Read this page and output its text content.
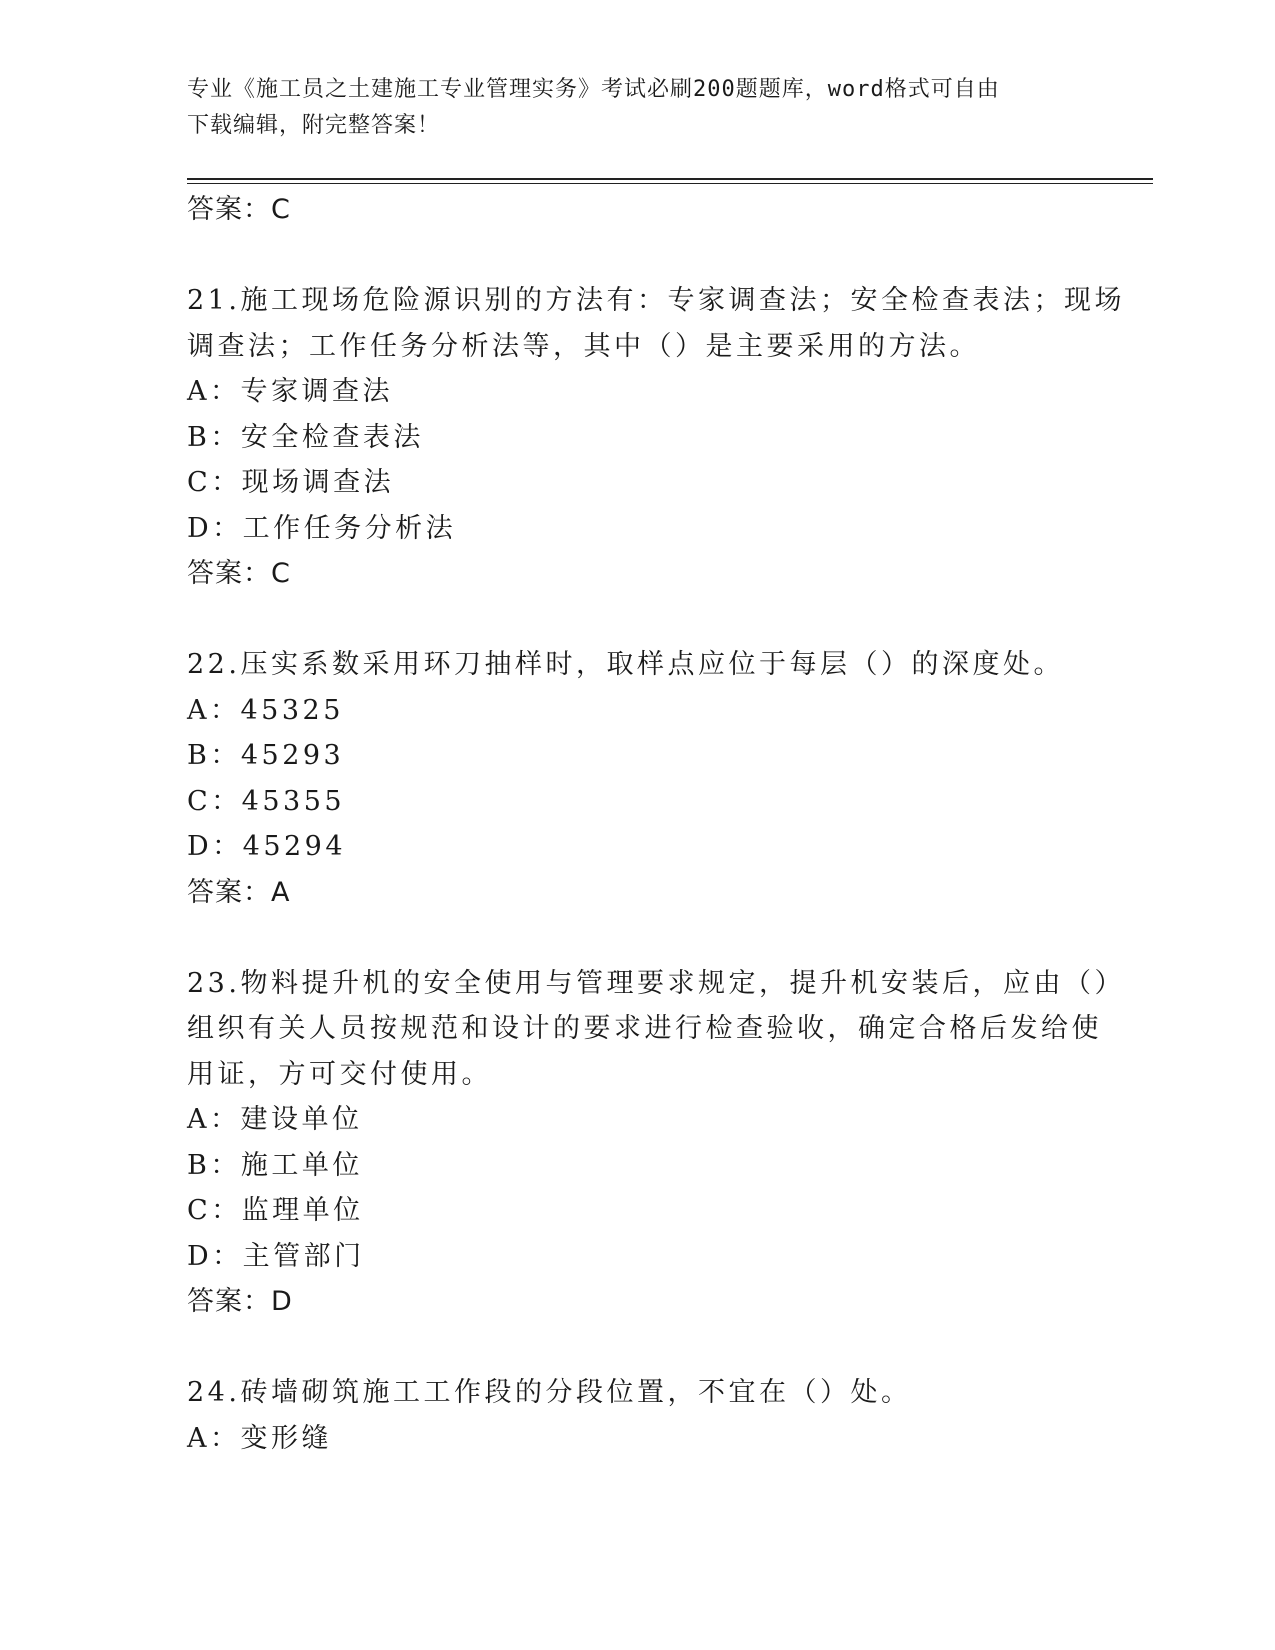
专业《施工员之土建施工专业管理实务》考试必刷200题题库，word格式可自由
下载编辑，附完整答案！
答案：C
21.施工现场危险源识别的方法有：专家调查法；安全检查表法；现场
调查法；工作任务分析法等，其中（）是主要采用的方法。
A：专家调查法
B：安全检查表法
C：现场调查法
D：工作任务分析法
答案：C
22.压实系数采用环刀抽样时，取样点应位于每层（）的深度处。
A：45325
B：45293
C：45355
D：45294
答案：A
23.物料提升机的安全使用与管理要求规定，提升机安装后，应由（）
组织有关人员按规范和设计的要求进行检查验收，确定合格后发给使
用证，方可交付使用。
A：建设单位
B：施工单位
C：监理单位
D：主管部门
答案：D
24.砖墙砌筑施工工作段的分段位置，不宜在（）处。
A：变形缝
